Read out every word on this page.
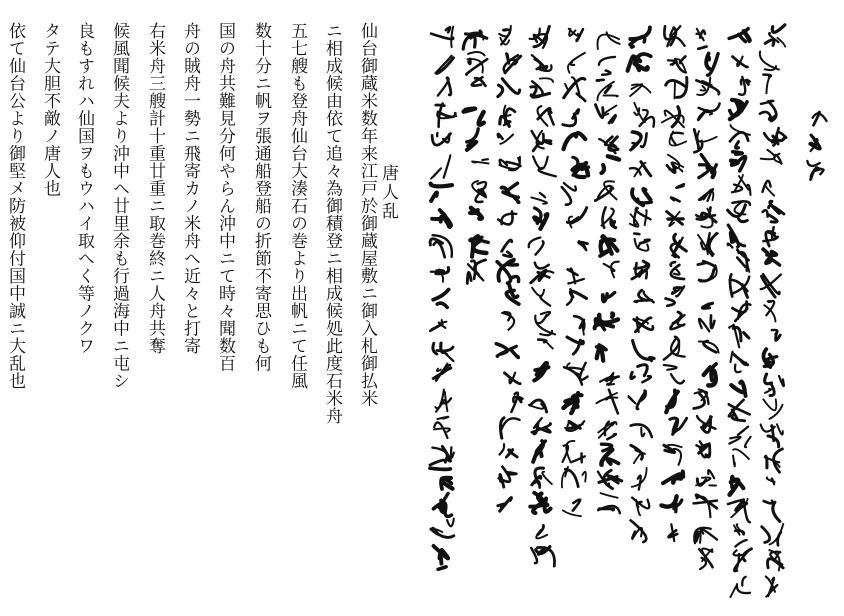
唐人乱
仙台御蔵米数年来江戸於御蔵屋敷ニ御入札御払米
ニ相成候由依て追々為御積登ニ相成候処此度石米舟
五七艘も登舟仙台大湊石の巻より出帆ニて任風
数十分ニ帆ヲ張通船登船の折節不寄思ひも何
国の舟共難見分何やらん沖中ニて時々聞数百
舟の賊舟一勢ニ飛寄カノ米舟へ近々と打寄
右米舟三艘計十重廿重ニ取巻終ニ人舟共奪
候風聞候夫より沖中へ廿里余も行過海中ニ屯シ
良もすれハ仙国ヲもウハイ取へく等ノクワ
タテ大胆不敵ノ唐人也
依て仙台公より御堅メ防被仰付国中誠ニ大乱也
